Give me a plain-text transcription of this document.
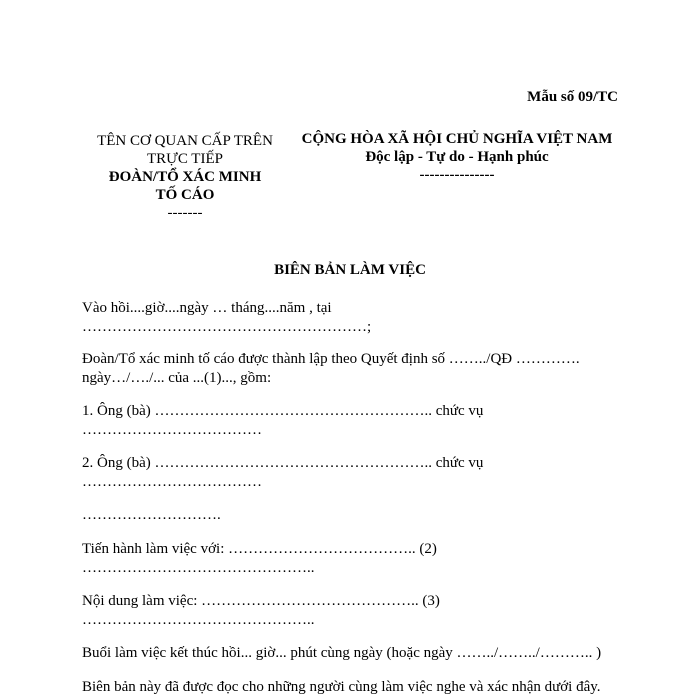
Mẫu số 09/TC
TÊN CƠ QUAN CẤP TRÊN
TRỰC TIẾP
ĐOÀN/TỔ XÁC MINH
TỐ CÁO
-------
CỘNG HÒA XÃ HỘI CHỦ NGHĨA VIỆT NAM
Độc lập - Tự do - Hạnh phúc
---------------
BIÊN BẢN LÀM VIỆC
Vào hồi....giờ....ngày … tháng....năm , tại
…………………………………………………;
Đoàn/Tổ xác minh tố cáo được thành lập theo Quyết định số ……../QĐ ………….
ngày…/…./... của ...(1)..., gồm:
1. Ông (bà) ……………………………………………….. chức vụ
………………………………
2. Ông (bà) ……………………………………………….. chức vụ
………………………………
……………………….
Tiến hành làm việc với: ……………………………….. (2)
………………………………………..
Nội dung làm việc: …………………………………….. (3)
………………………………………..
Buổi làm việc kết thúc hồi... giờ... phút cùng ngày (hoặc ngày ……../……../……….. )
Biên bản này đã được đọc cho những người cùng làm việc nghe và xác nhận dưới đây.
